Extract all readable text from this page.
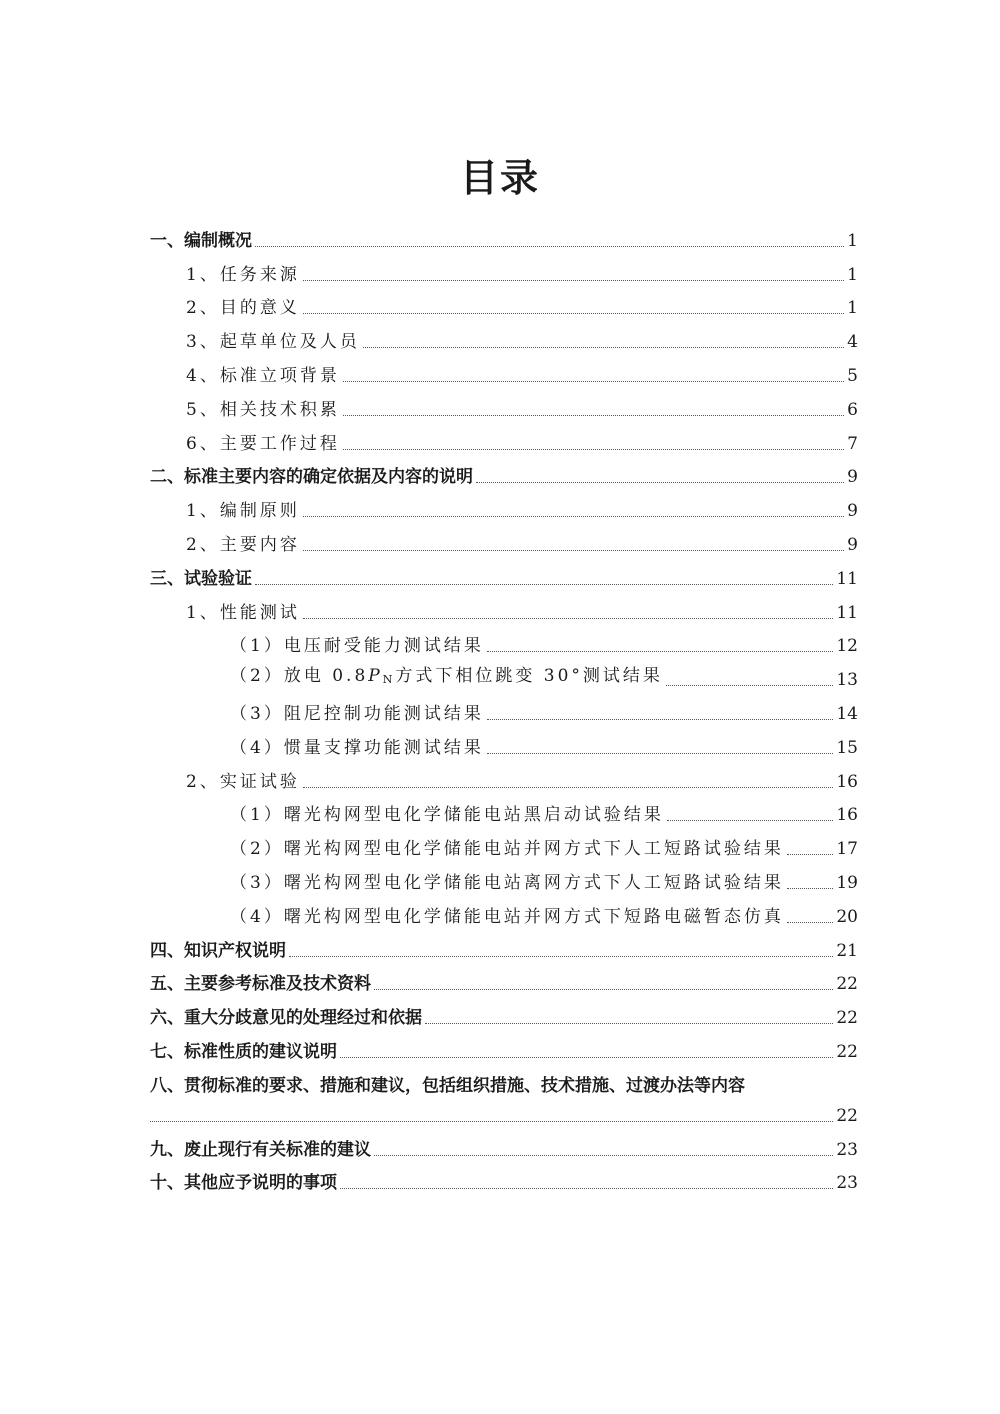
目录
一、编制概况	1
1、任务来源	1
2、目的意义	1
3、起草单位及人员	4
4、标准立项背景	5
5、相关技术积累	6
6、主要工作过程	7
二、标准主要内容的确定依据及内容的说明	9
1、编制原则	9
2、主要内容	9
三、试验验证	11
1、性能测试	11
（1）电压耐受能力测试结果	12
（2）放电 0.8PN方式下相位跳变 30°测试结果	13
（3）阻尼控制功能测试结果	14
（4）惯量支撑功能测试结果	15
2、实证试验	16
（1）曙光构网型电化学储能电站黑启动试验结果	16
（2）曙光构网型电化学储能电站并网方式下人工短路试验结果	17
（3）曙光构网型电化学储能电站离网方式下人工短路试验结果	19
（4）曙光构网型电化学储能电站并网方式下短路电磁暂态仿真	20
四、知识产权说明	21
五、主要参考标准及技术资料	22
六、重大分歧意见的处理经过和依据	22
七、标准性质的建议说明	22
八、贯彻标准的要求、措施和建议，包括组织措施、技术措施、过渡办法等内容
22
九、废止现行有关标准的建议	23
十、其他应予说明的事项	23
